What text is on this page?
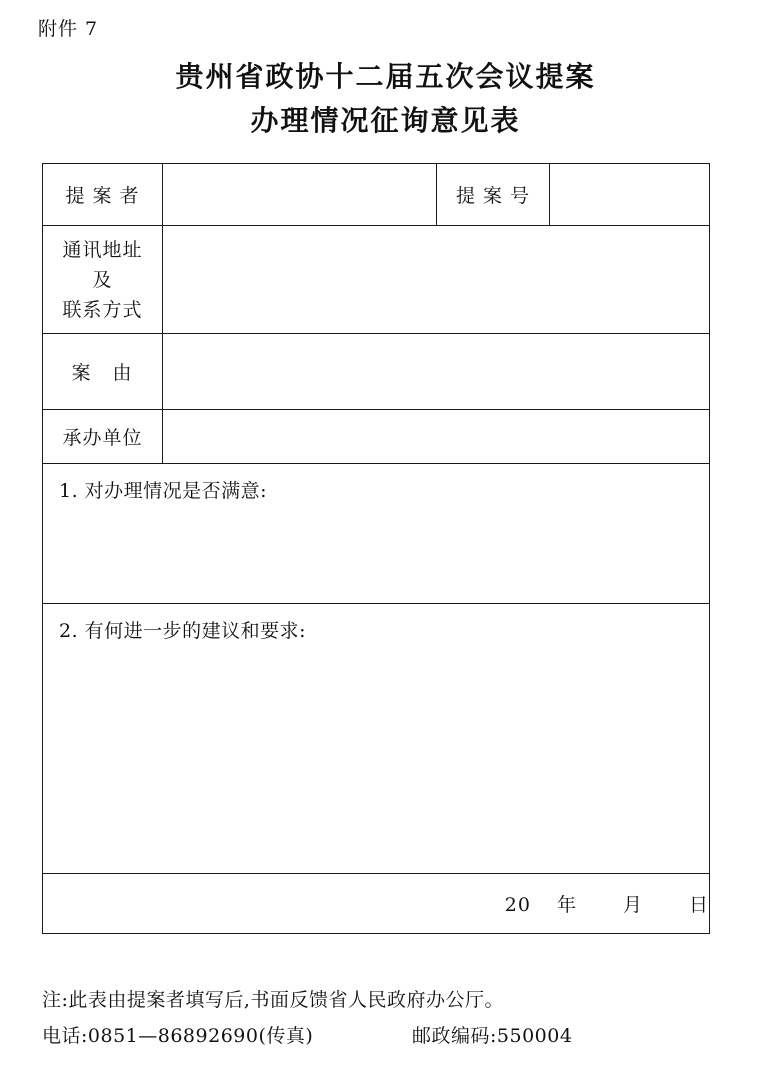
附件 7
贵州省政协十二届五次会议提案
办理情况征询意见表
提 案 者		提 案 号	

通讯地址
及
联系方式			

案 由			
承办单位			

1. 对办理情况是否满意:			

2. 有何进一步的建议和要求:			

20 年 月 日			
注:此表由提案者填写后,书面反馈省人民政府办公厅。
电话:0851—86892690(传真)	邮政编码:550004
